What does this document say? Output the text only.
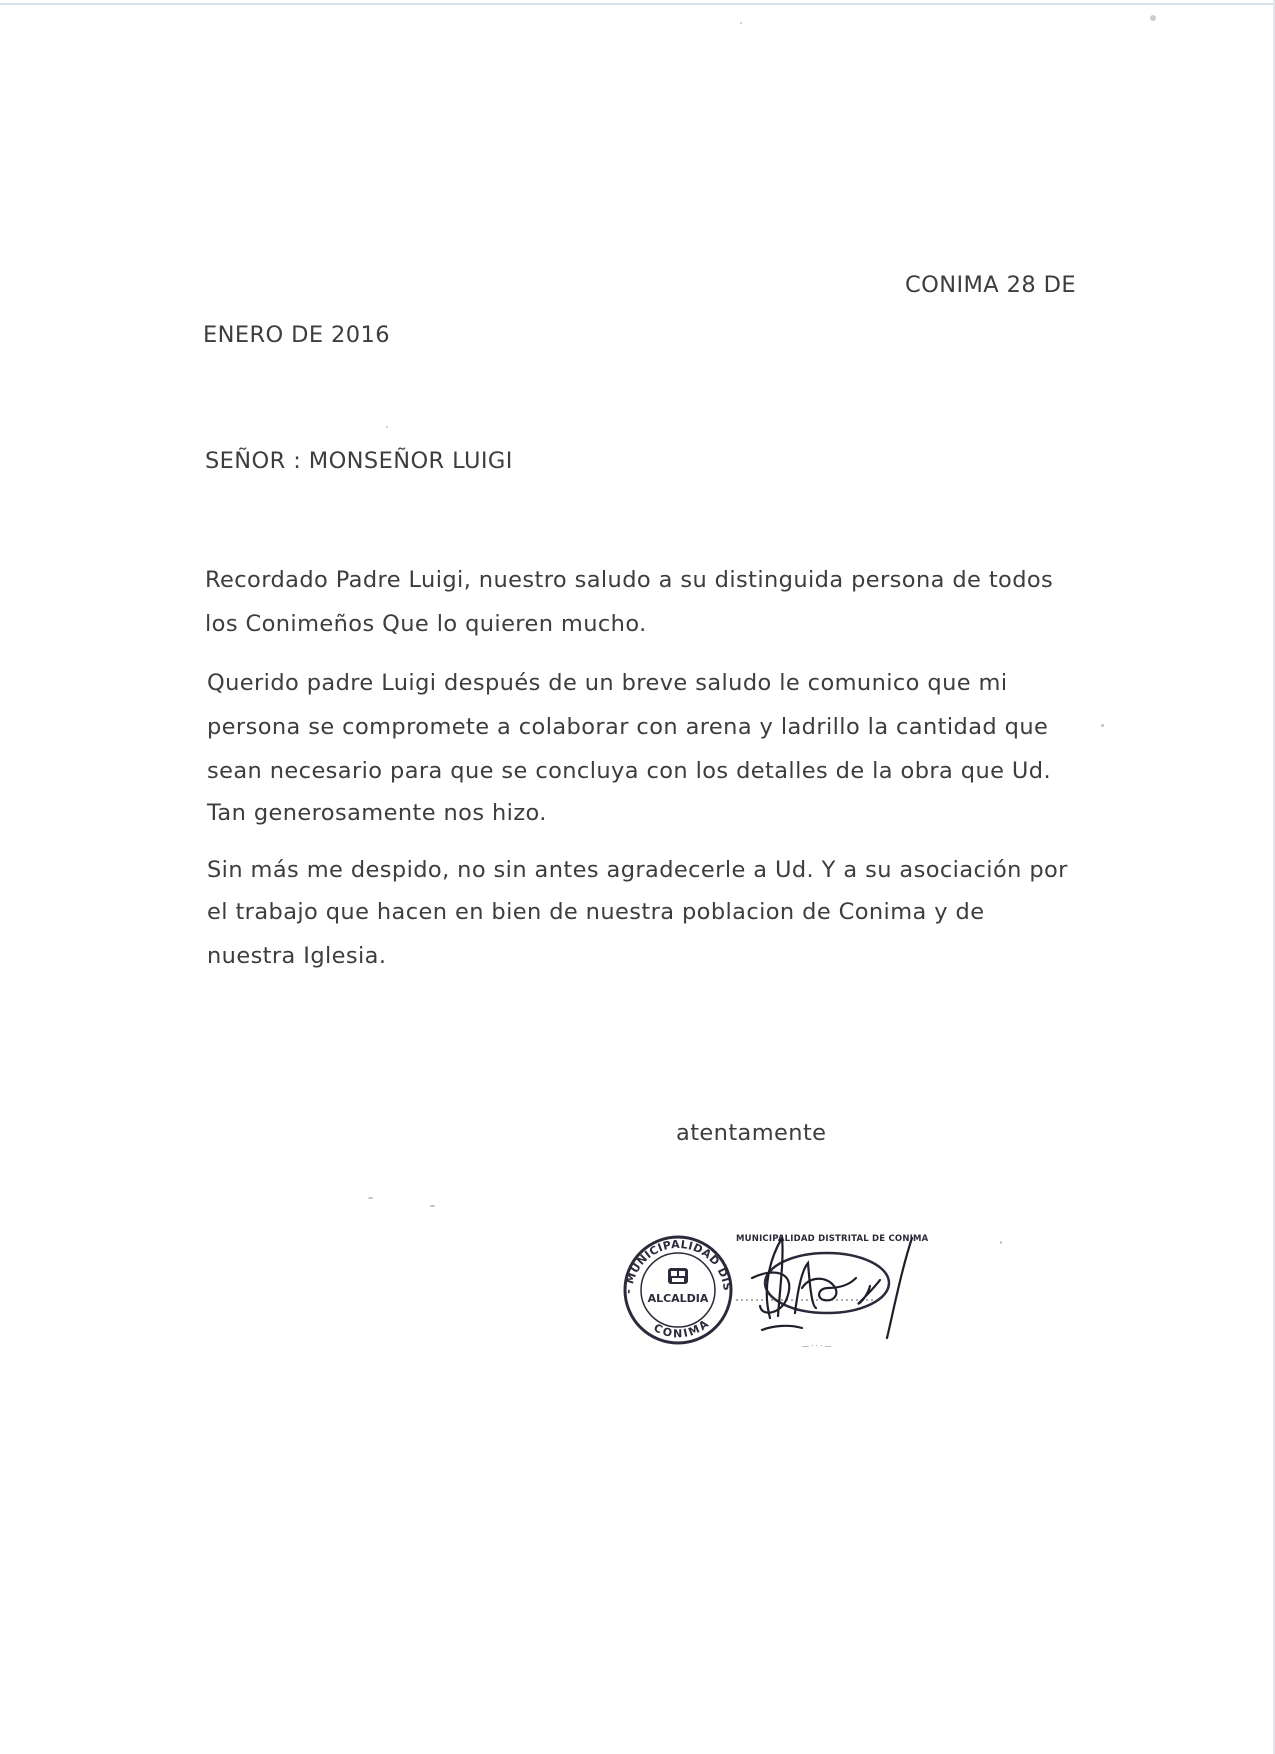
CONIMA 28 DE
ENERO DE 2016
SEÑOR : MONSEÑOR LUIGI
Recordado Padre Luigi, nuestro saludo a su distinguida persona de todos
los Conimeños Que lo quieren mucho.
Querido padre Luigi después de un breve saludo le comunico que mi
persona se compromete a colaborar con arena y ladrillo la cantidad que
sean necesario para que se concluya con los detalles de la obra que Ud.
Tan generosamente nos hizo.
Sin más me despido, no sin antes agradecerle a Ud. Y a su asociación por
el trabajo que hacen en bien de nuestra poblacion de Conima y de
nuestra Iglesia.
atentamente
- MUNICIPALIDAD DIS
CONIMA
ALCALDIA
MUNICIPALIDAD DISTRITAL DE CONIMA
— · · · —
